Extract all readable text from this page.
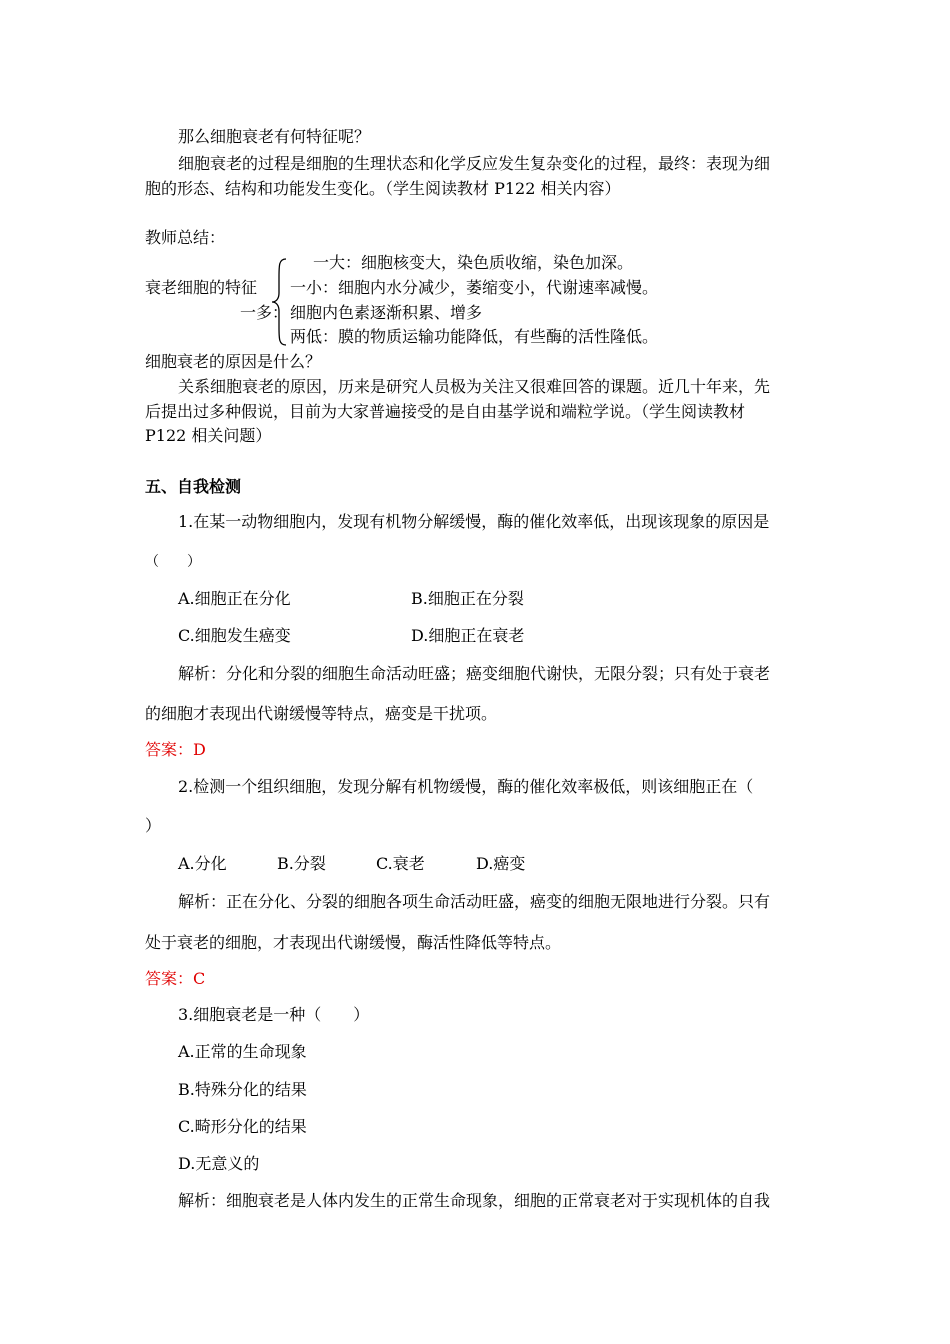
那么细胞衰老有何特征呢？
细胞衰老的过程是细胞的生理状态和化学反应发生复杂变化的过程，最终：表现为细
胞的形态、结构和功能发生变化。（学生阅读教材 P122 相关内容）
教师总结：
一大：细胞核变大，染色质收缩，染色加深。
衰老细胞的特征 一小：细胞内水分减少，萎缩变小，代谢速率减慢。
一多： 细胞内色素逐渐积累、增多
两低：膜的物质运输功能降低，有些酶的活性隆低。
细胞衰老的原因是什么？
关系细胞衰老的原因，历来是研究人员极为关注又很难回答的课题。近几十年来，先
后提出过多种假说，目前为大家普遍接受的是自由基学说和端粒学说。（学生阅读教材
P122 相关问题）
五、自我检测
1.在某一动物细胞内，发现有机物分解缓慢，酶的催化效率低，出现该现象的原因是
（　　）
A.细胞正在分化	B.细胞正在分裂
C.细胞发生癌变	D.细胞正在衰老
解析：分化和分裂的细胞生命活动旺盛；癌变细胞代谢快，无限分裂；只有处于衰老
的细胞才表现出代谢缓慢等特点，癌变是干扰项。
答案：D
2.检测一个组织细胞，发现分解有机物缓慢，酶的催化效率极低，则该细胞正在（
）
A.分化	B.分裂	C.衰老	D.癌变
解析：正在分化、分裂的细胞各项生命活动旺盛，癌变的细胞无限地进行分裂。只有
处于衰老的细胞，才表现出代谢缓慢，酶活性降低等特点。
答案：C
3.细胞衰老是一种（　　）
A.正常的生命现象
B.特殊分化的结果
C.畸形分化的结果
D.无意义的
解析：细胞衰老是人体内发生的正常生命现象，细胞的正常衰老对于实现机体的自我
